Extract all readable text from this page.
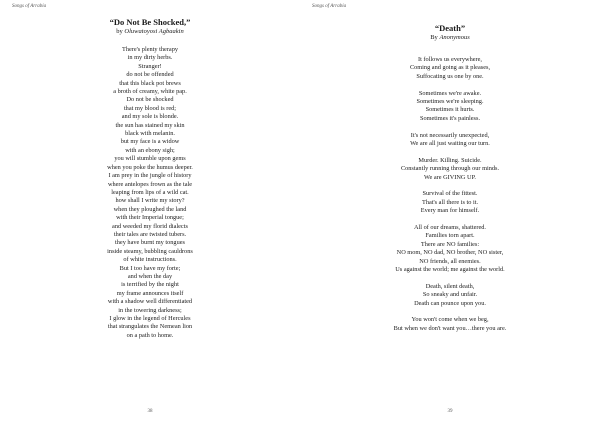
Songs of Arrabia
“Do Not Be Shocked,”
by Oluwatoyosi Agbaakin
There's plenty therapy
in my dirty herbs.
Stranger!
do not be offended
that this black pot brews
a broth of creamy, white pap.
Do not be shocked
that my blood is red;
and my sole is blonde.
the sun has stained my skin
black with melanin.
but my face is a widow
with an ebony sigh;
you will stumble upon gems
when you poke the humus deeper.
I am prey in the jungle of history
where antelopes frown as the tale
leaping from lips of a wild cat.
how shall I write my story?
when they ploughed the land
with their Imperial tongue;
and weeded my florid dialects
their tales are twisted tubers.
they have burnt my tongues
inside steamy, bubbling cauldrons
of white instructions.
But I too have my forte;
and when the day
is terrified by the night
my frame announces itself
with a shadow well differentiated
in the towering darkness;
I glow in the legend of Hercules
that strangulates the Nemean lion
on a path to home.
38
Songs of Arrabia
“Death”
By Anonymous
It follows us everywhere,
Coming and going as it pleases,
Suffocating us one by one.
Sometimes we're awake.
Sometimes we're sleeping.
Sometimes it hurts.
Sometimes it's painless.
It's not necessarily unexpected,
We are all just waiting our turn.
Murder. Killing. Suicide.
Constantly running through our minds.
We are GIVING UP.
Survival of the fittest.
That's all there is to it.
Every man for himself.
All of our dreams, shattered.
Families torn apart.
There are NO families:
NO mom, NO dad, NO brother, NO sister,
NO friends, all enemies.
Us against the world; me against the world.
Death, silent death,
So sneaky and unfair.
Death can pounce upon you.
You won't come when we beg,
But when we don't want you…there you are.
39
